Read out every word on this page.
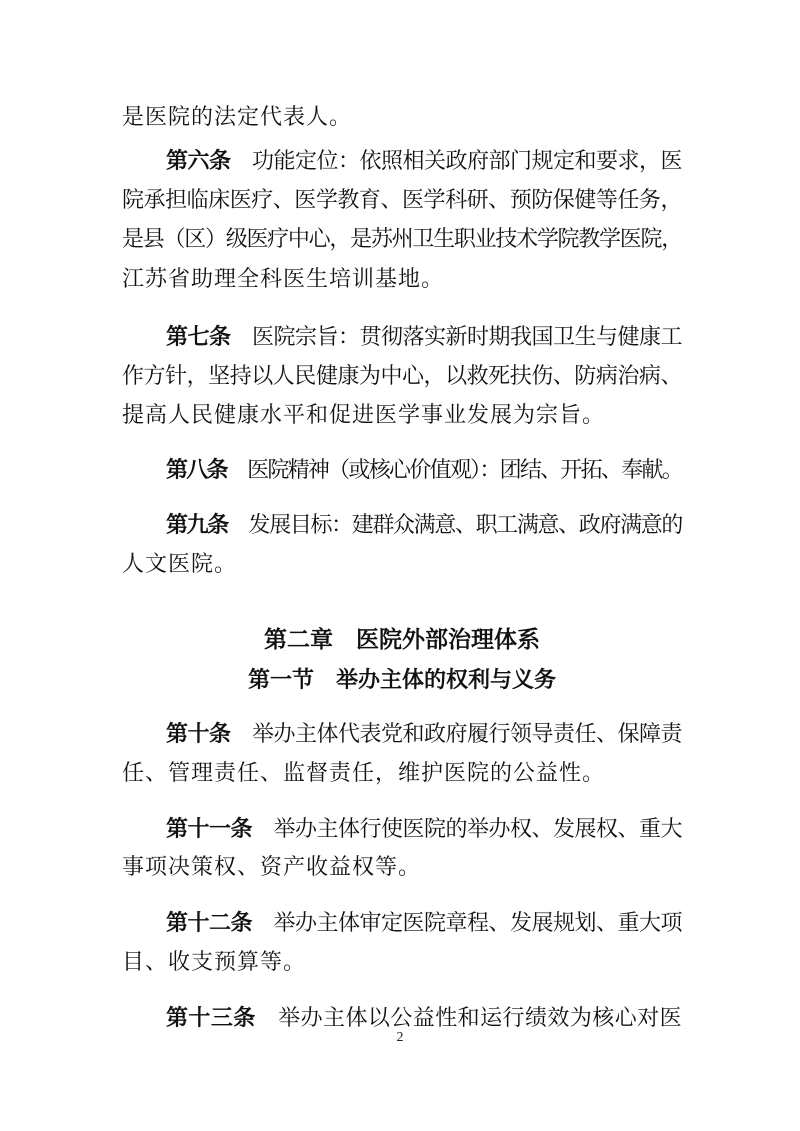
是医院的法定代表人。
第六条　功能定位：依照相关政府部门规定和要求，医
院承担临床医疗、医学教育、医学科研、预防保健等任务，
是县（区）级医疗中心，是苏州卫生职业技术学院教学医院，
江苏省助理全科医生培训基地。
第七条　医院宗旨：贯彻落实新时期我国卫生与健康工
作方针，坚持以人民健康为中心，以救死扶伤、防病治病、
提高人民健康水平和促进医学事业发展为宗旨。
第八条　医院精神（或核心价值观）：团结、开拓、奉献。
第九条　发展目标：建群众满意、职工满意、政府满意的
人文医院。
第二章　医院外部治理体系
第一节　举办主体的权利与义务
第十条　举办主体代表党和政府履行领导责任、保障责
任、管理责任、监督责任，维护医院的公益性。
第十一条　举办主体行使医院的举办权、发展权、重大
事项决策权、资产收益权等。
第十二条　举办主体审定医院章程、发展规划、重大项
目、收支预算等。
第十三条　举办主体以公益性和运行绩效为核心对医
2
